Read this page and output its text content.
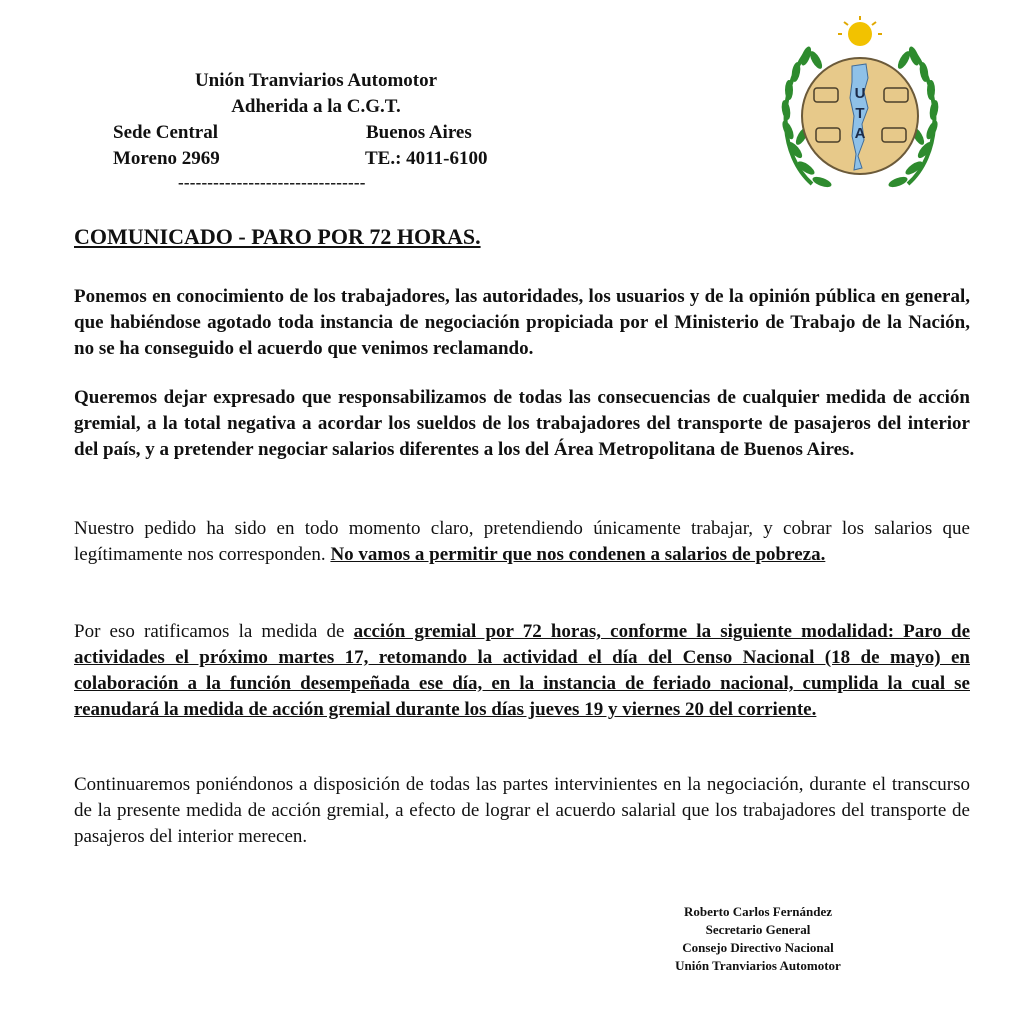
Unión Tranviarios Automotor
Adherida a la C.G.T.
Sede Central	Buenos Aires
Moreno 2969	TE.: 4011-6100
--------------------------------
U
T
A
COMUNICADO - PARO POR 72 HORAS.

Ponemos en conocimiento de los trabajadores, las autoridades, los usuarios y de la opinión pública en general, que habiéndose agotado toda instancia de negociación propiciada por el Ministerio de Trabajo de la Nación, no se ha conseguido el acuerdo que venimos reclamando.

Queremos dejar expresado que responsabilizamos de todas las consecuencias de cualquier medida de acción gremial, a la total negativa a acordar los sueldos de los trabajadores del transporte de pasajeros del interior del país, y a pretender negociar salarios diferentes a los del Área Metropolitana de Buenos Aires.

Nuestro pedido ha sido en todo momento claro, pretendiendo únicamente trabajar, y cobrar los salarios que legítimamente nos corresponden. No vamos a permitir que nos condenen a salarios de pobreza.

Por eso ratificamos la medida de acción gremial por 72 horas, conforme la siguiente modalidad: Paro de actividades el próximo martes 17, retomando la actividad el día del Censo Nacional (18 de mayo) en colaboración a la función desempeñada ese día, en la instancia de feriado nacional, cumplida la cual se reanudará la medida de acción gremial durante los días jueves 19 y viernes 20 del corriente.

Continuaremos poniéndonos a disposición de todas las partes intervinientes en la negociación, durante el transcurso de la presente medida de acción gremial, a efecto de lograr el acuerdo salarial que los trabajadores del transporte de pasajeros del interior merecen.

Roberto Carlos Fernández
Secretario General
Consejo Directivo Nacional
Unión Tranviarios Automotor
